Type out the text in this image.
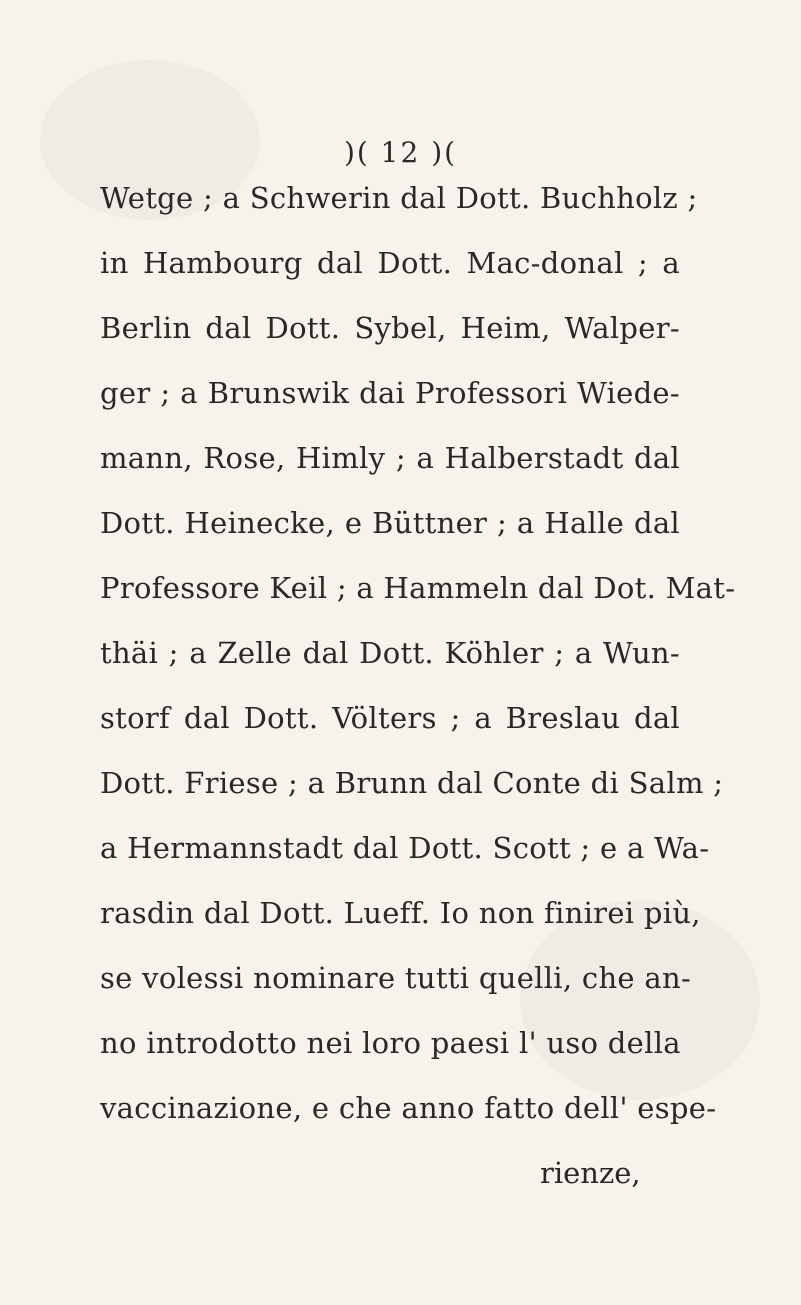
)( 12 )(
Wetge ; a Schwerin dal Dott. Buchholz ;
in Hambourg dal Dott. Mac-donal ; a
Berlin dal Dott. Sybel, Heim, Walper-
ger ; a Brunswik dai Professori Wiede-
mann, Rose, Himly ; a Halberstadt dal
Dott. Heinecke, e Büttner ; a Halle dal
Professore Keil ; a Hammeln dal Dot. Mat-
thäi ; a Zelle dal Dott. Köhler ; a Wun-
storf dal Dott. Völters ; a Breslau dal
Dott. Friese ; a Brunn dal Conte di Salm ;
a Hermannstadt dal Dott. Scott ; e a Wa-
rasdin dal Dott. Lueff. Io non finirei più,
se volessi nominare tutti quelli, che an-
no introdotto nei loro paesi l' uso della
vaccinazione, e che anno fatto dell' espe-
rienze,
